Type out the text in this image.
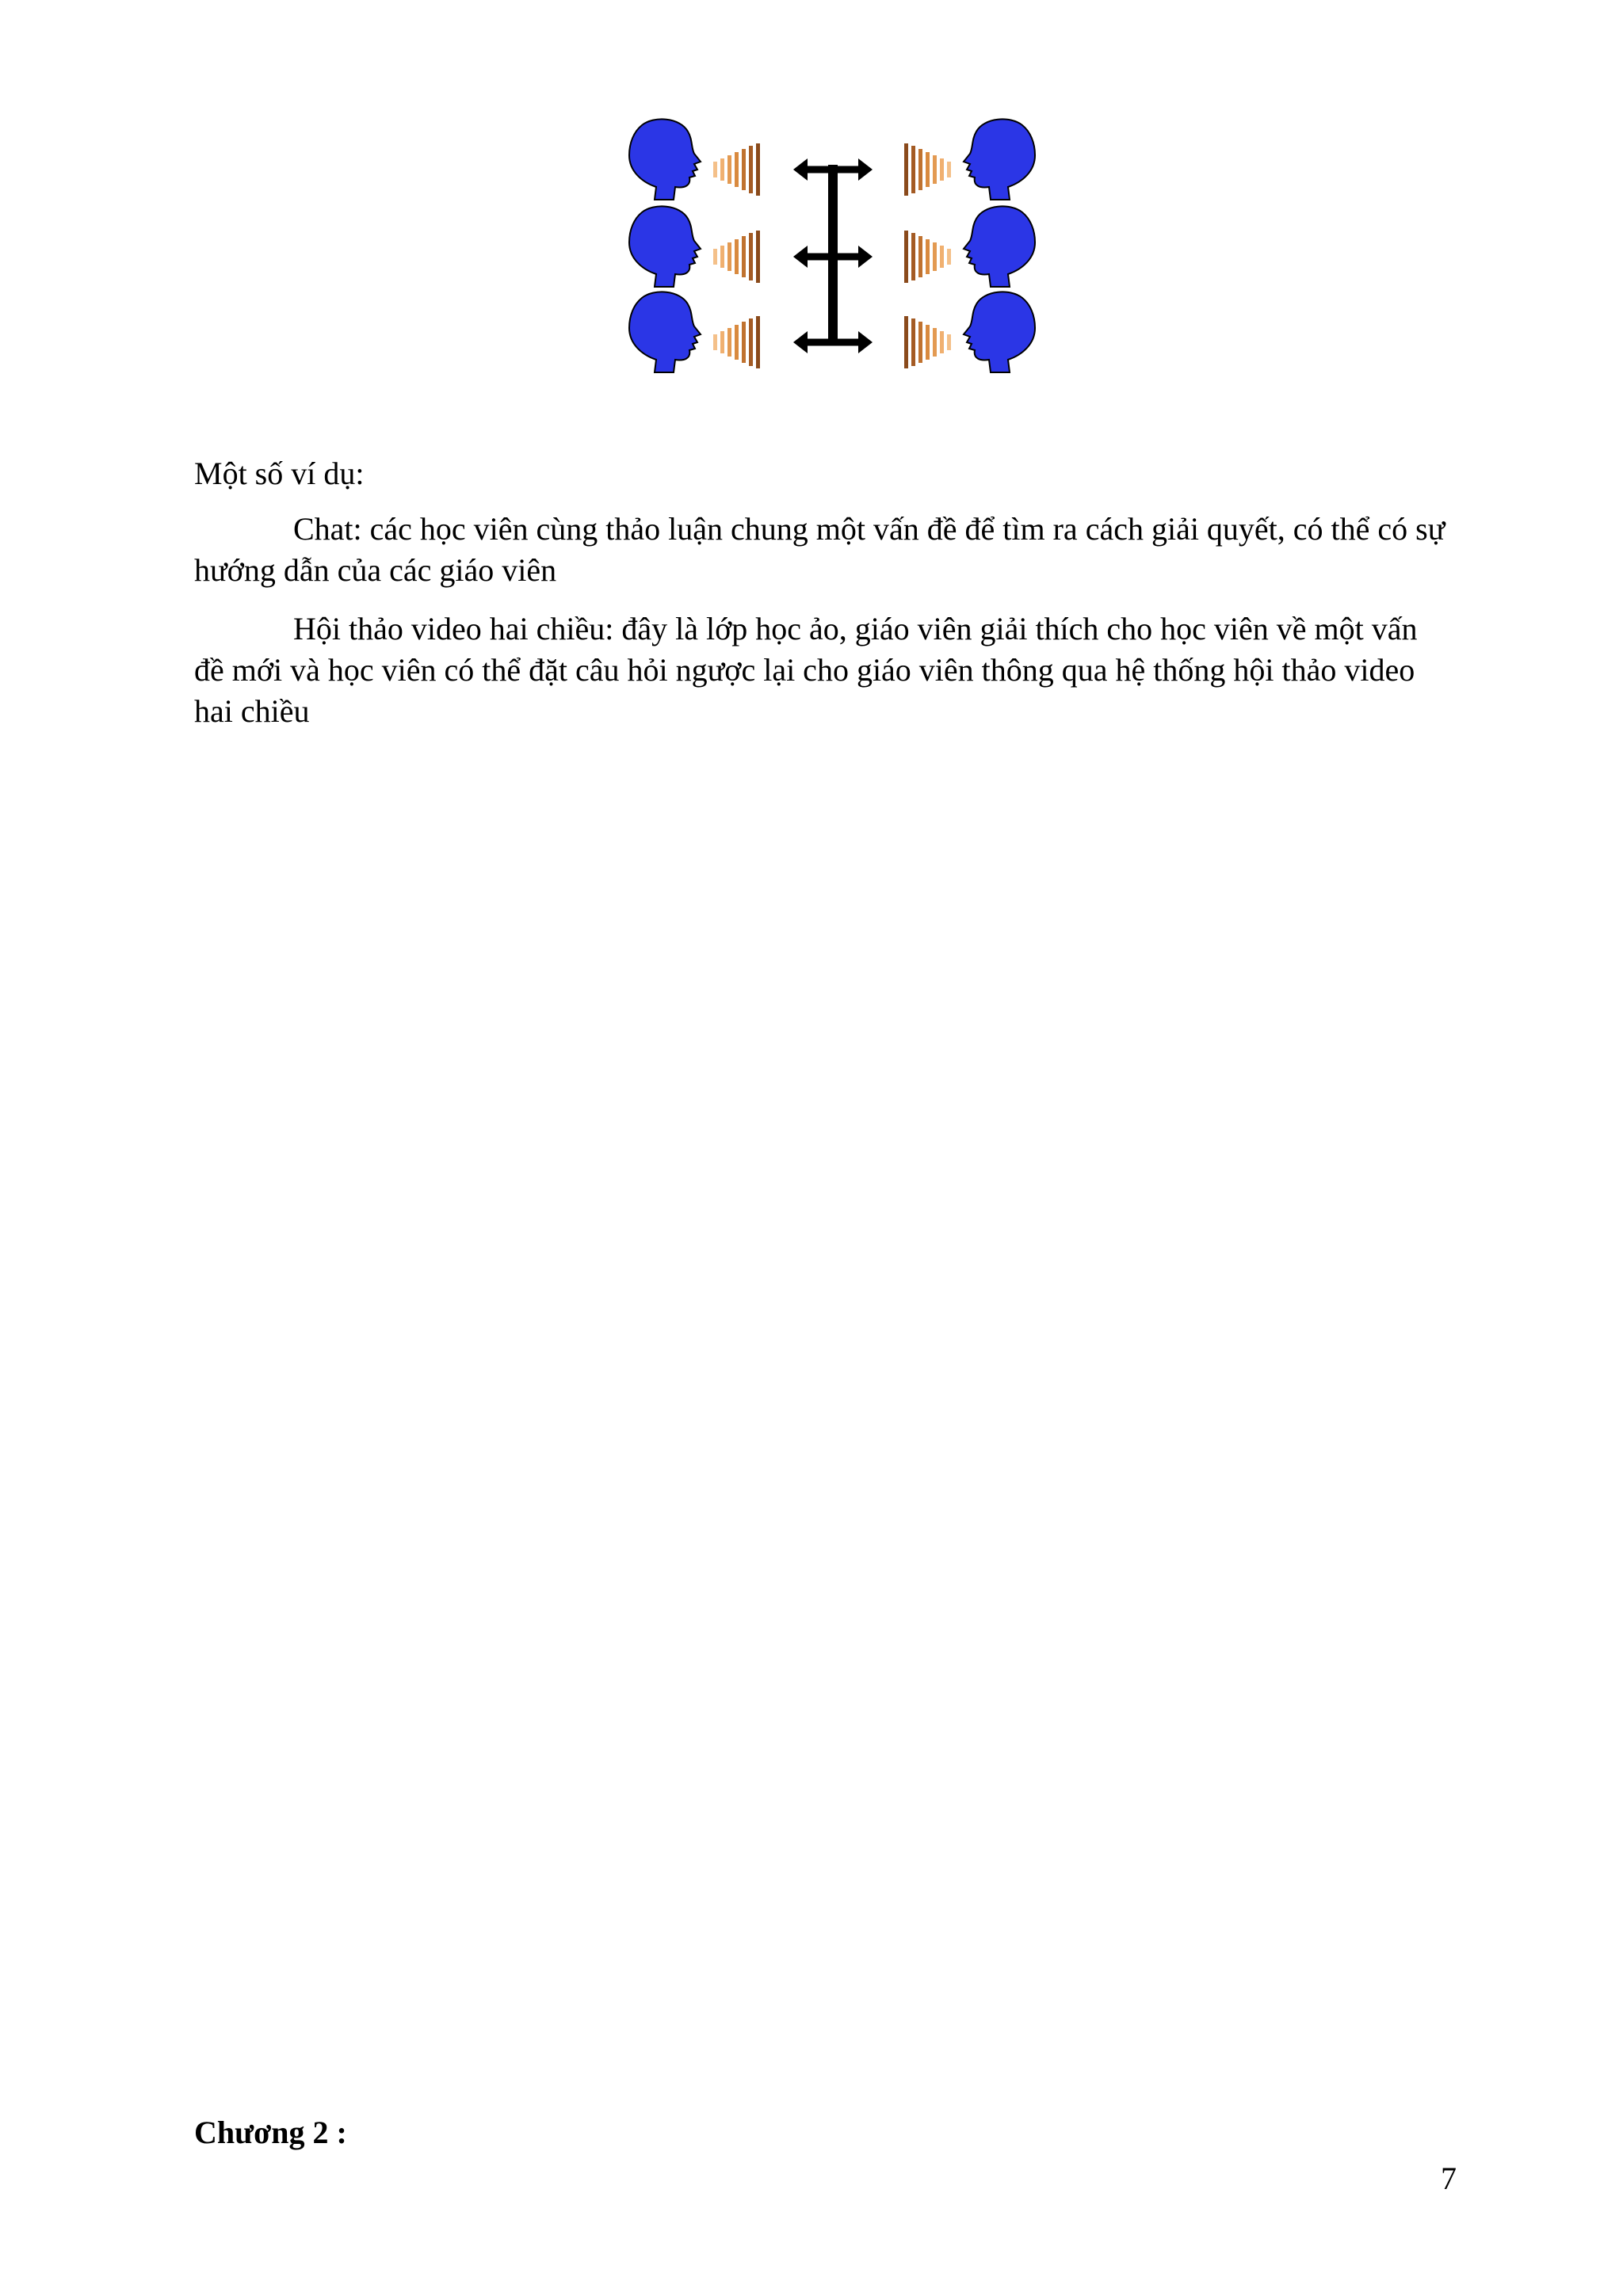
Một số ví dụ:

Chat: các học viên cùng thảo luận chung một vấn đề để tìm ra cách giải quyết, có thể có sự hướng dẫn của các giáo viên

Hội thảo video hai chiều: đây là lớp học ảo, giáo viên giải thích cho học viên về một vấn đề mới và học viên có thể đặt câu hỏi ngược lại cho giáo viên thông qua hệ thống hội thảo video hai chiều

Chương 2 :

7
